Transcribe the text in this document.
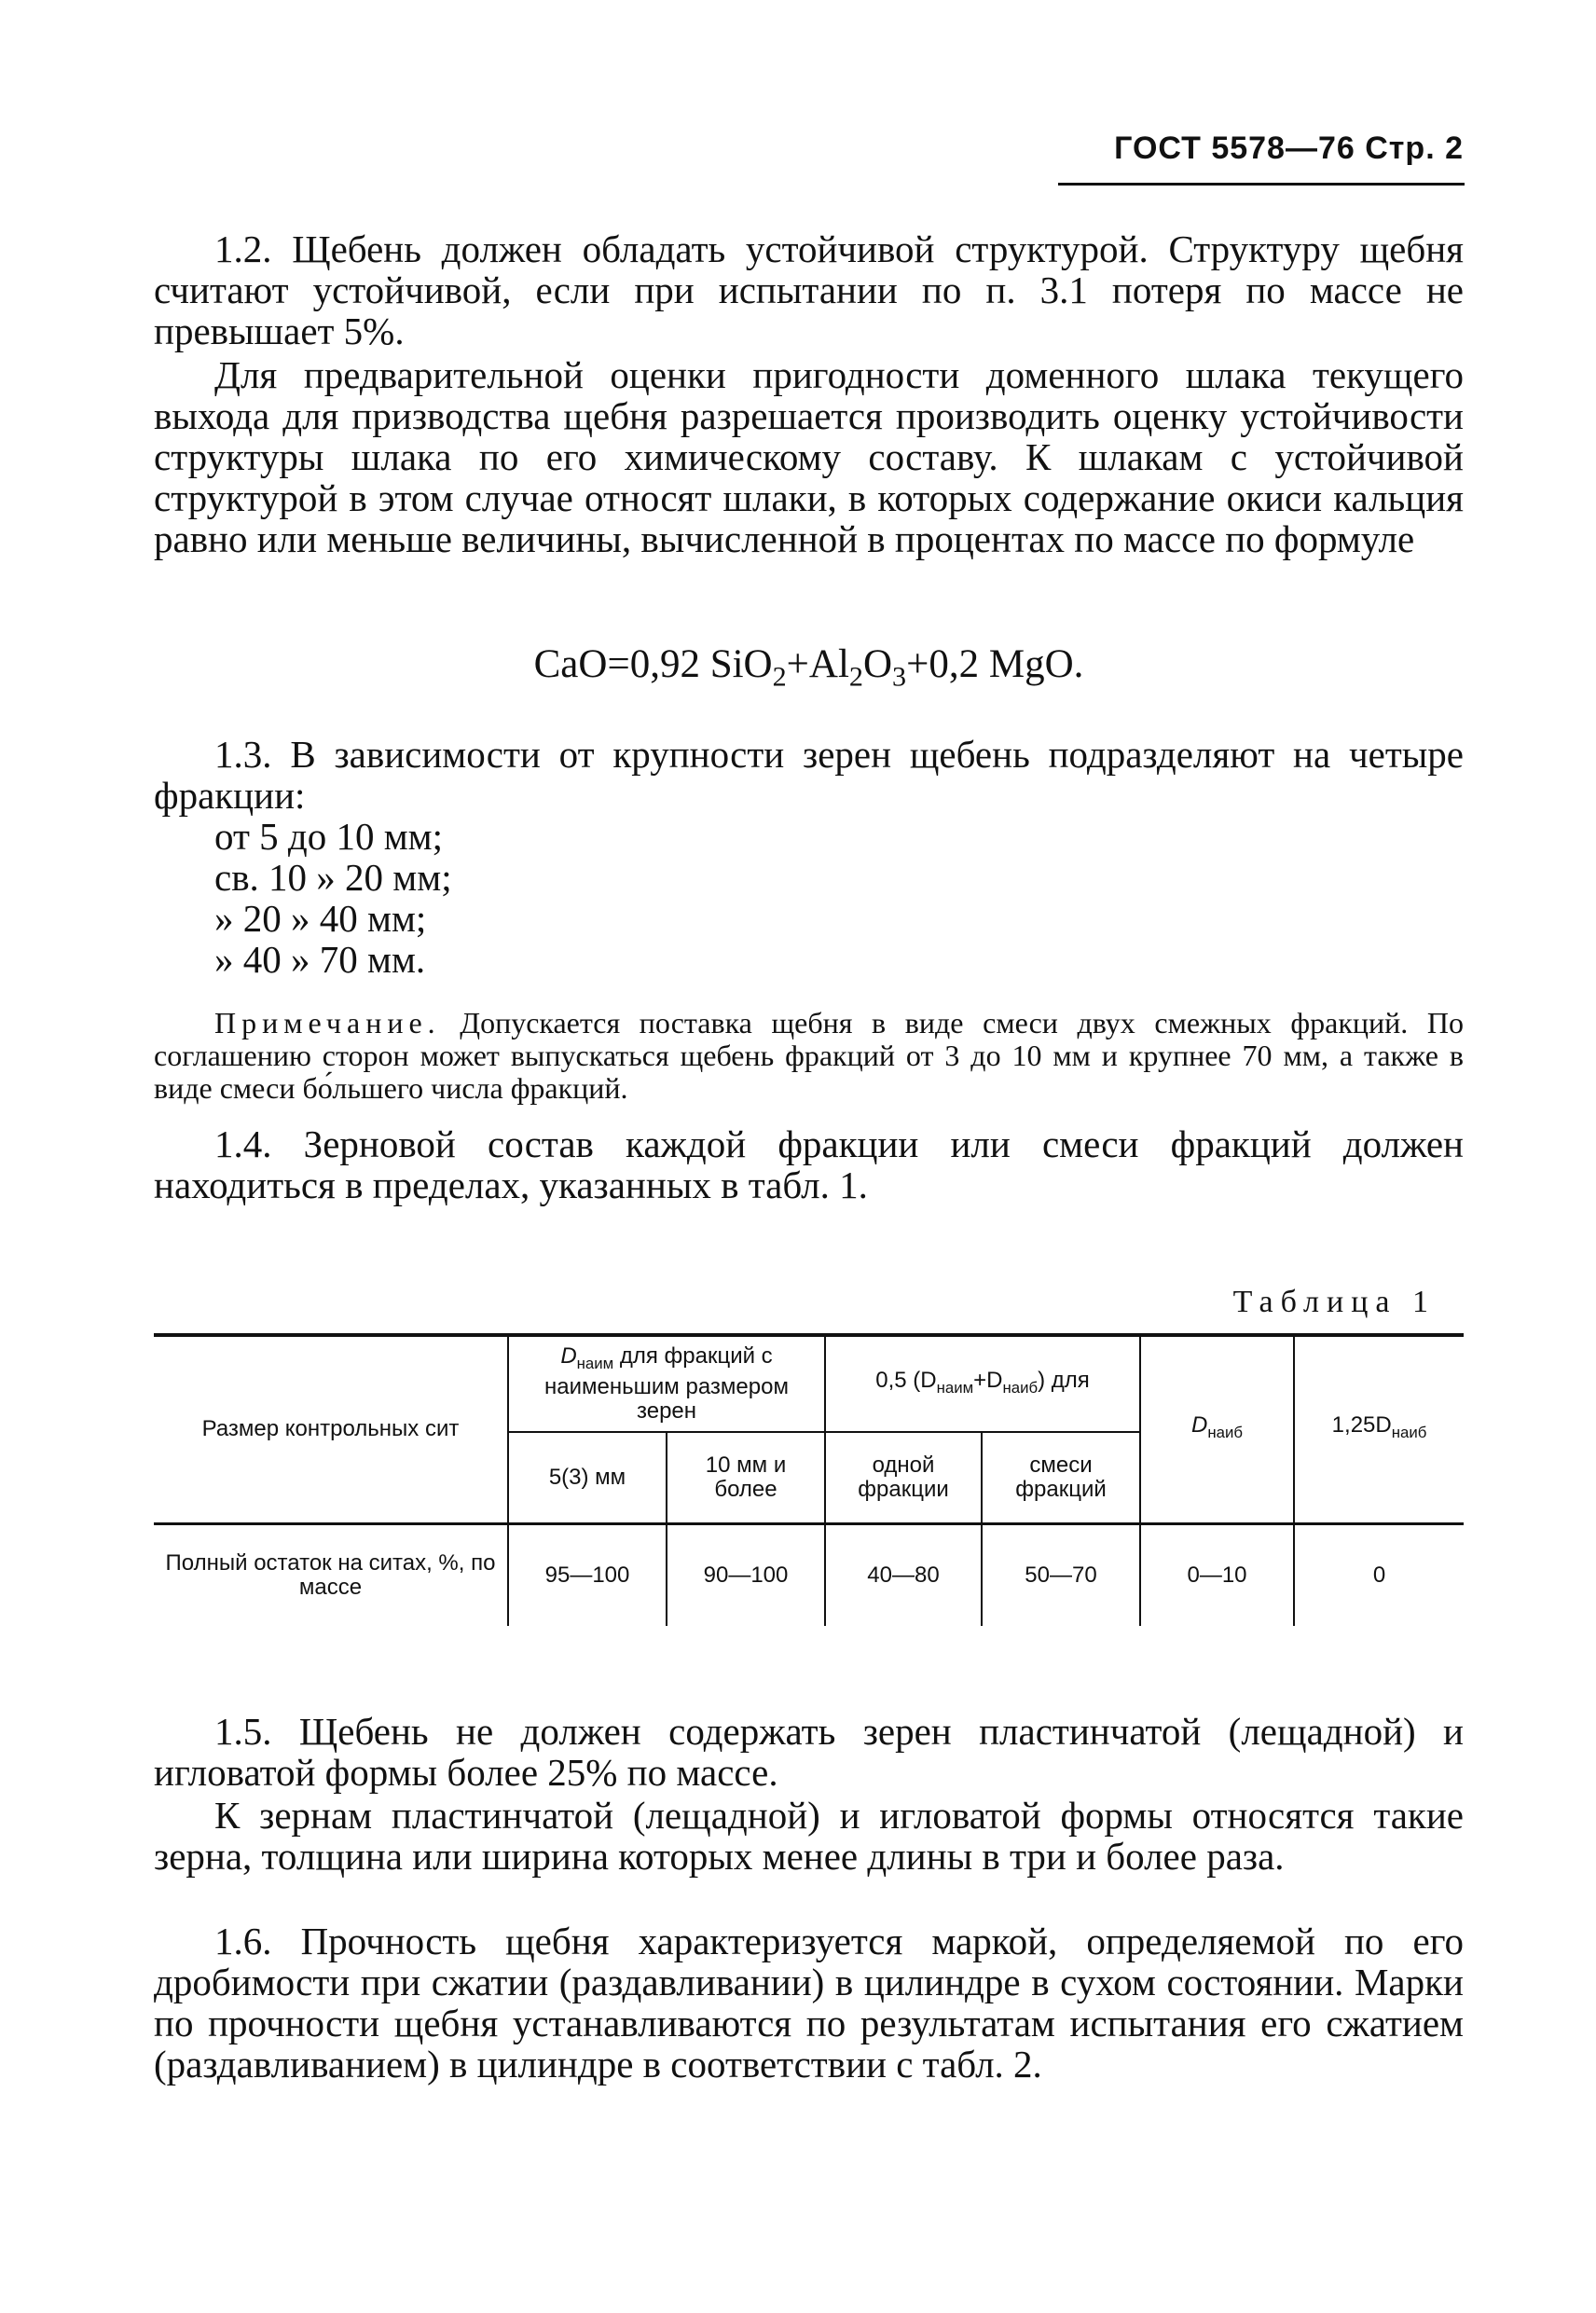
ГОСТ 5578—76 Стр. 2
1.2. Щебень должен обладать устойчивой структурой. Структуру щебня считают устойчивой, если при испытании по п. 3.1 потеря по массе не превышает 5%.
Для предварительной оценки пригодности доменного шлака текущего выхода для призводства щебня разрешается производить оценку устойчивости структуры шлака по его химическому составу. К шлакам с устойчивой структурой в этом случае относят шлаки, в которых содержание окиси кальция равно или меньше величины, вычисленной в процентах по массе по формуле
CaO=0,92 $SiO_2+Al_2O_3+0,2$ MgO.
1.3. В зависимости от крупности зерен щебень подразделяют на четыре фракции:
от 5 до 10 мм;
св. 10 » 20 мм;
» 20 » 40 мм;
» 40 » 70 мм.
Примечание. Допускается поставка щебня в виде смеси двух смежных фракций. По соглашению сторон может выпускаться щебень фракций от 3 до 10 мм и крупнее 70 мм, а также в виде смеси бо́льшего числа фракций.
1.4. Зерновой состав каждой фракции или смеси фракций должен находиться в пределах, указанных в табл. 1.
Таблица 1
Размер контрольных сит	$D_{наим}$ для фракций с наименьшим размером зерен		0,5 $(D_{наим}+D_{наиб})$ для		$D_{наиб}$	$1,25D_{наиб}$
	5(3) мм	10 мм и более	одной фракции	смеси фракций		
Полный остаток на ситах, %, по массе	95—100	90—100	40—80	50—70	0—10	0
1.5. Щебень не должен содержать зерен пластинчатой (лещадной) и игловатой формы более 25% по массе.
К зернам пластинчатой (лещадной) и игловатой формы относятся такие зерна, толщина или ширина которых менее длины в три и более раза.
1.6. Прочность щебня характеризуется маркой, определяемой по его дробимости при сжатии (раздавливании) в цилиндре в сухом состоянии. Марки по прочности щебня устанавливаются по результатам испытания его сжатием (раздавливанием) в цилиндре в соответствии с табл. 2.
